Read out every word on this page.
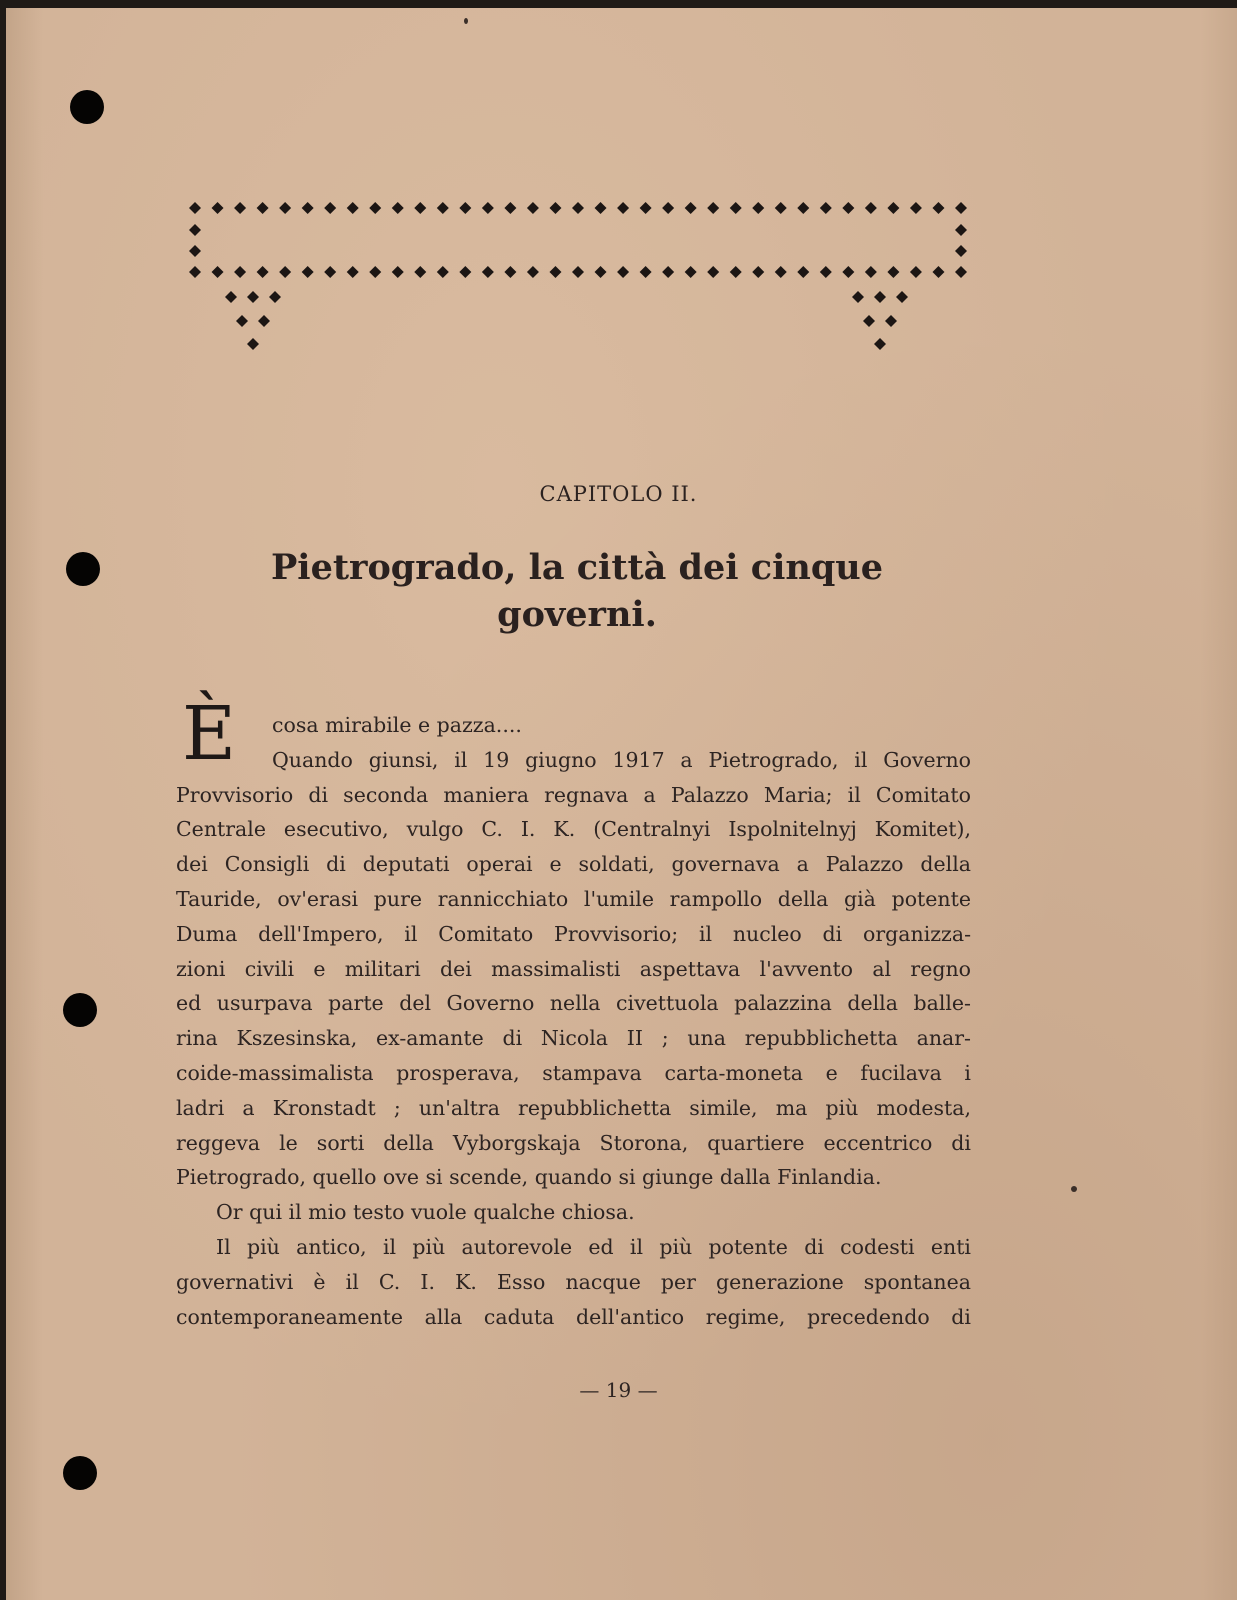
CAPITOLO II.
Pietrogrado, la città dei cinque governi.
È	cosa mirabile e pazza....
Quando giunsi, il 19 giugno 1917 a Pietrogrado, il Governo
Provvisorio di seconda maniera regnava a Palazzo Maria; il Comitato
Centrale esecutivo, vulgo C. I. K. (Centralnyi Ispolnitelnyj Komitet),
dei Consigli di deputati operai e soldati, governava a Palazzo della
Tauride, ov'erasi pure rannicchiato l'umile rampollo della già potente
Duma dell'Impero, il Comitato Provvisorio; il nucleo di organizza-
zioni civili e militari dei massimalisti aspettava l'avvento al regno
ed usurpava parte del Governo nella civettuola palazzina della balle-
rina Kszesinska, ex-amante di Nicola II ; una repubblichetta anar-
coide-massimalista prosperava, stampava carta-moneta e fucilava i
ladri a Kronstadt ; un'altra repubblichetta simile, ma più modesta,
reggeva le sorti della Vyborgskaja Storona, quartiere eccentrico di
Pietrogrado, quello ove si scende, quando si giunge dalla Finlandia.
Or qui il mio testo vuole qualche chiosa.
Il più antico, il più autorevole ed il più potente di codesti enti
governativi è il C. I. K. Esso nacque per generazione spontanea
contemporaneamente alla caduta dell'antico regime, precedendo di
— 19 —
